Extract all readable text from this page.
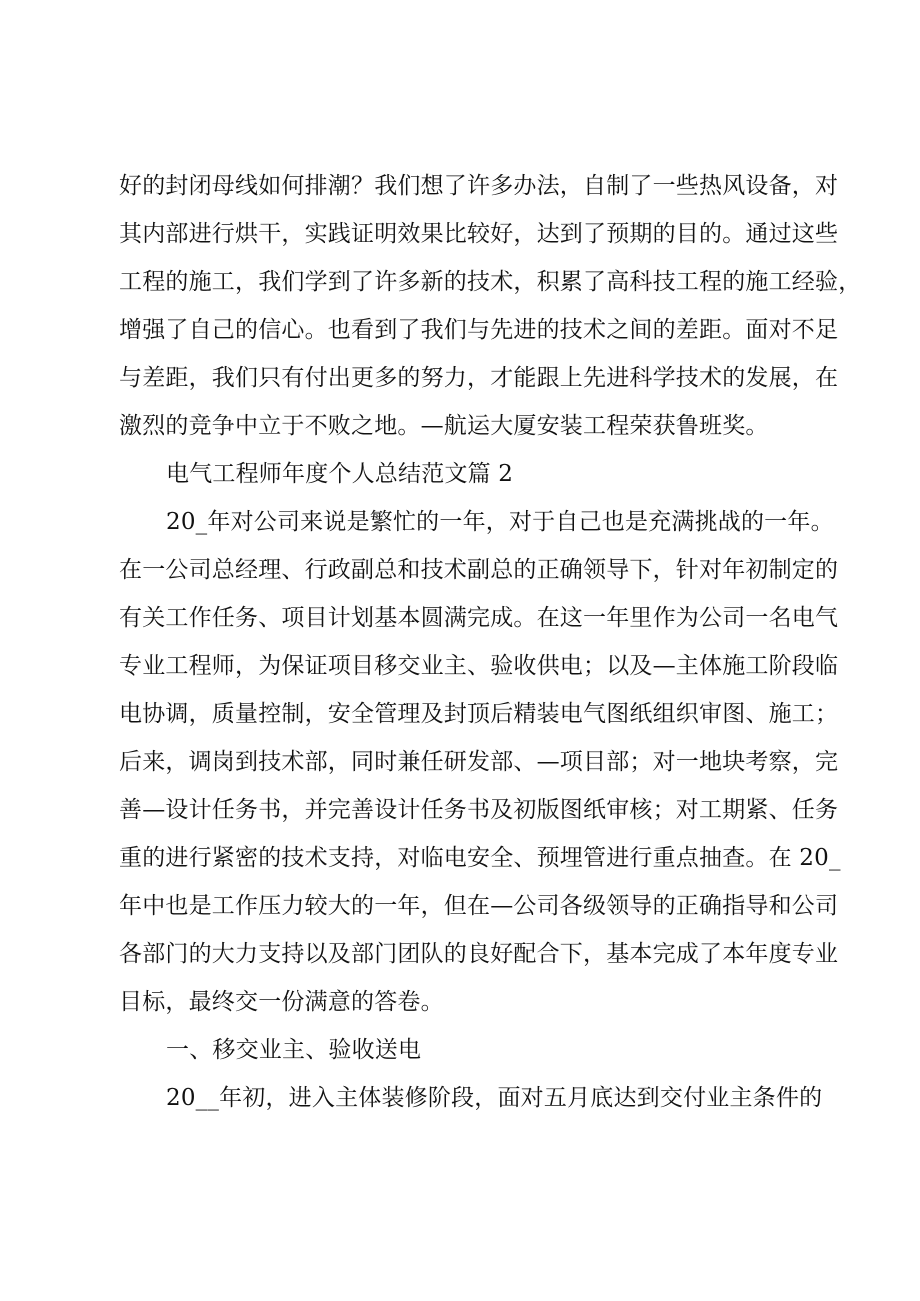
好的封闭母线如何排潮？我们想了许多办法，自制了一些热风设备，对
其内部进行烘干，实践证明效果比较好，达到了预期的目的。通过这些
工程的施工，我们学到了许多新的技术，积累了高科技工程的施工经验，
增强了自己的信心。也看到了我们与先进的技术之间的差距。面对不足
与差距，我们只有付出更多的努力，才能跟上先进科学技术的发展，在
激烈的竞争中立于不败之地。—航运大厦安装工程荣获鲁班奖。
电气工程师年度个人总结范文篇 2
20_年对公司来说是繁忙的一年，对于自己也是充满挑战的一年。
在一公司总经理、行政副总和技术副总的正确领导下，针对年初制定的
有关工作任务、项目计划基本圆满完成。在这一年里作为公司一名电气
专业工程师，为保证项目移交业主、验收供电；以及—主体施工阶段临
电协调，质量控制，安全管理及封顶后精装电气图纸组织审图、施工；
后来，调岗到技术部，同时兼任研发部、—项目部；对一地块考察，完
善—设计任务书，并完善设计任务书及初版图纸审核；对工期紧、任务
重的进行紧密的技术支持，对临电安全、预埋管进行重点抽查。在 20_
年中也是工作压力较大的一年，但在—公司各级领导的正确指导和公司
各部门的大力支持以及部门团队的良好配合下，基本完成了本年度专业
目标，最终交一份满意的答卷。
一、移交业主、验收送电
20__年初，进入主体装修阶段，面对五月底达到交付业主条件的
